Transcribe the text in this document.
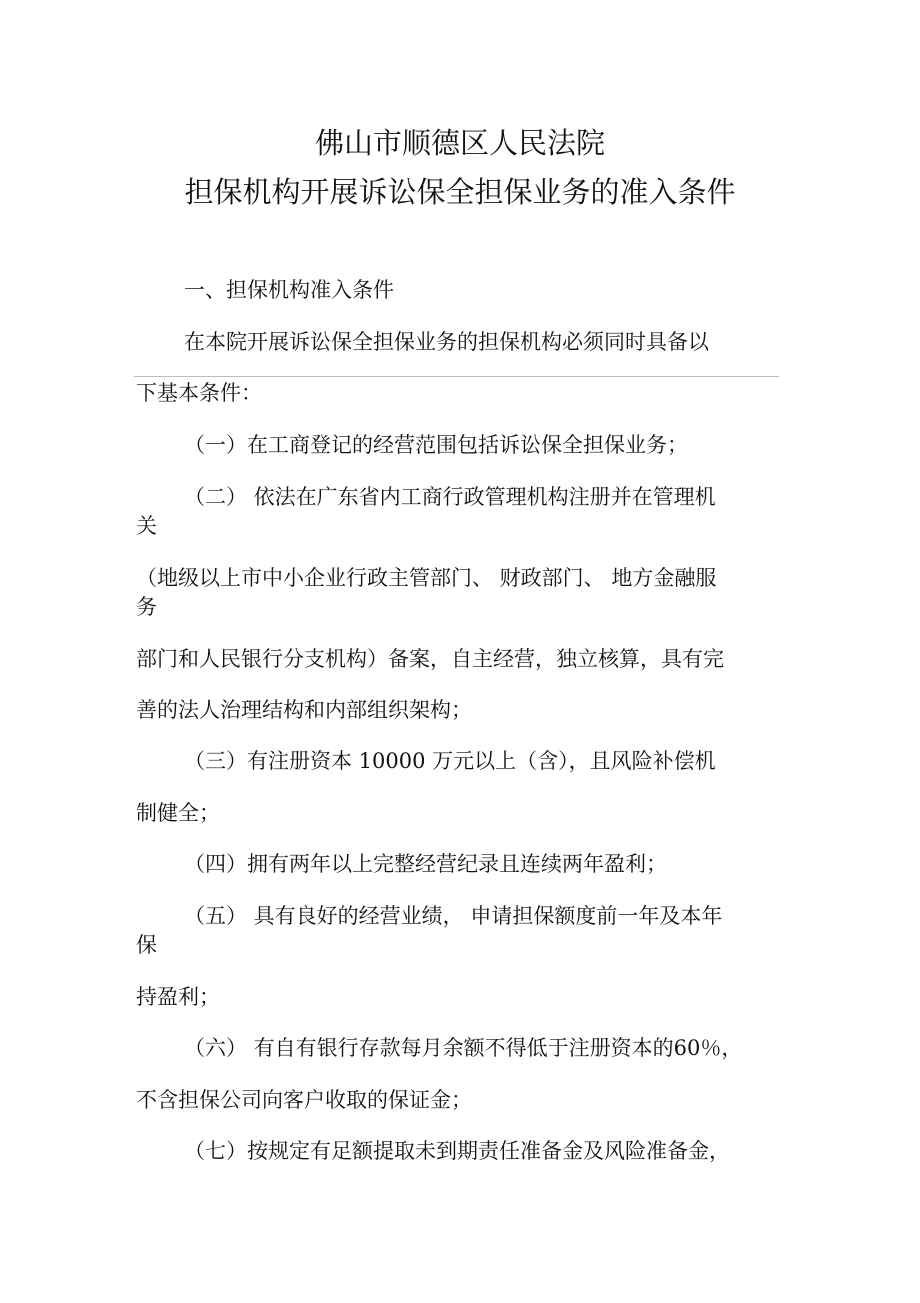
佛山市顺德区人民法院
担保机构开展诉讼保全担保业务的准入条件
一、担保机构准入条件
在本院开展诉讼保全担保业务的担保机构必须同时具备以
下基本条件：
（一）在工商登记的经营范围包括诉讼保全担保业务；
（二） 依法在广东省内工商行政管理机构注册并在管理机
关
（地级以上市中小企业行政主管部门、 财政部门、 地方金融服
务
部门和人民银行分支机构）备案，自主经营，独立核算，具有完
善的法人治理结构和内部组织架构；
（三）有注册资本 10000 万元以上（含），且风险补偿机
制健全；
（四）拥有两年以上完整经营纪录且连续两年盈利；
（五） 具有良好的经营业绩， 申请担保额度前一年及本年
保
持盈利；
（六） 有自有银行存款每月余额不得低于注册资本的60％，
不含担保公司向客户收取的保证金；
（七）按规定有足额提取未到期责任准备金及风险准备金，
